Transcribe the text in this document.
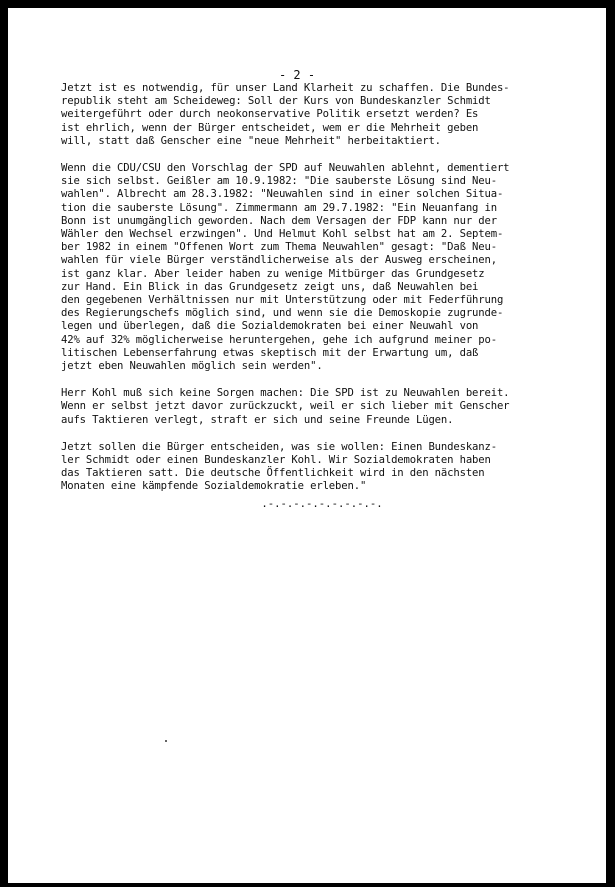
- 2 -

Jetzt ist es notwendig, für unser Land Klarheit zu schaffen. Die Bundes-
republik steht am Scheideweg: Soll der Kurs von Bundeskanzler Schmidt
weitergeführt oder durch neokonservative Politik ersetzt werden? Es
ist ehrlich, wenn der Bürger entscheidet, wem er die Mehrheit geben
will, statt daß Genscher eine "neue Mehrheit" herbeitaktiert.

Wenn die CDU/CSU den Vorschlag der SPD auf Neuwahlen ablehnt, dementiert
sie sich selbst. Geißler am 10.9.1982: "Die sauberste Lösung sind Neu-
wahlen". Albrecht am 28.3.1982: "Neuwahlen sind in einer solchen Situa-
tion die sauberste Lösung". Zimmermann am 29.7.1982: "Ein Neuanfang in
Bonn ist unumgänglich geworden. Nach dem Versagen der FDP kann nur der
Wähler den Wechsel erzwingen". Und Helmut Kohl selbst hat am 2. Septem-
ber 1982 in einem "Offenen Wort zum Thema Neuwahlen" gesagt: "Daß Neu-
wahlen für viele Bürger verständlicherweise als der Ausweg erscheinen,
ist ganz klar. Aber leider haben zu wenige Mitbürger das Grundgesetz
zur Hand. Ein Blick in das Grundgesetz zeigt uns, daß Neuwahlen bei
den gegebenen Verhältnissen nur mit Unterstützung oder mit Federführung
des Regierungschefs möglich sind, und wenn sie die Demoskopie zugrunde-
legen und überlegen, daß die Sozialdemokraten bei einer Neuwahl von
42% auf 32% möglicherweise heruntergehen, gehe ich aufgrund meiner po-
litischen Lebenserfahrung etwas skeptisch mit der Erwartung um, daß
jetzt eben Neuwahlen möglich sein werden".

Herr Kohl muß sich keine Sorgen machen: Die SPD ist zu Neuwahlen bereit.
Wenn er selbst jetzt davor zurückzuckt, weil er sich lieber mit Genscher
aufs Taktieren verlegt, straft er sich und seine Freunde Lügen.

Jetzt sollen die Bürger entscheiden, was sie wollen: Einen Bundeskanz-
ler Schmidt oder einen Bundeskanzler Kohl. Wir Sozialdemokraten haben
das Taktieren satt. Die deutsche Öffentlichkeit wird in den nächsten
Monaten eine kämpfende Sozialdemokratie erleben."

.-.-.-.-.-.-.-.-.-.
